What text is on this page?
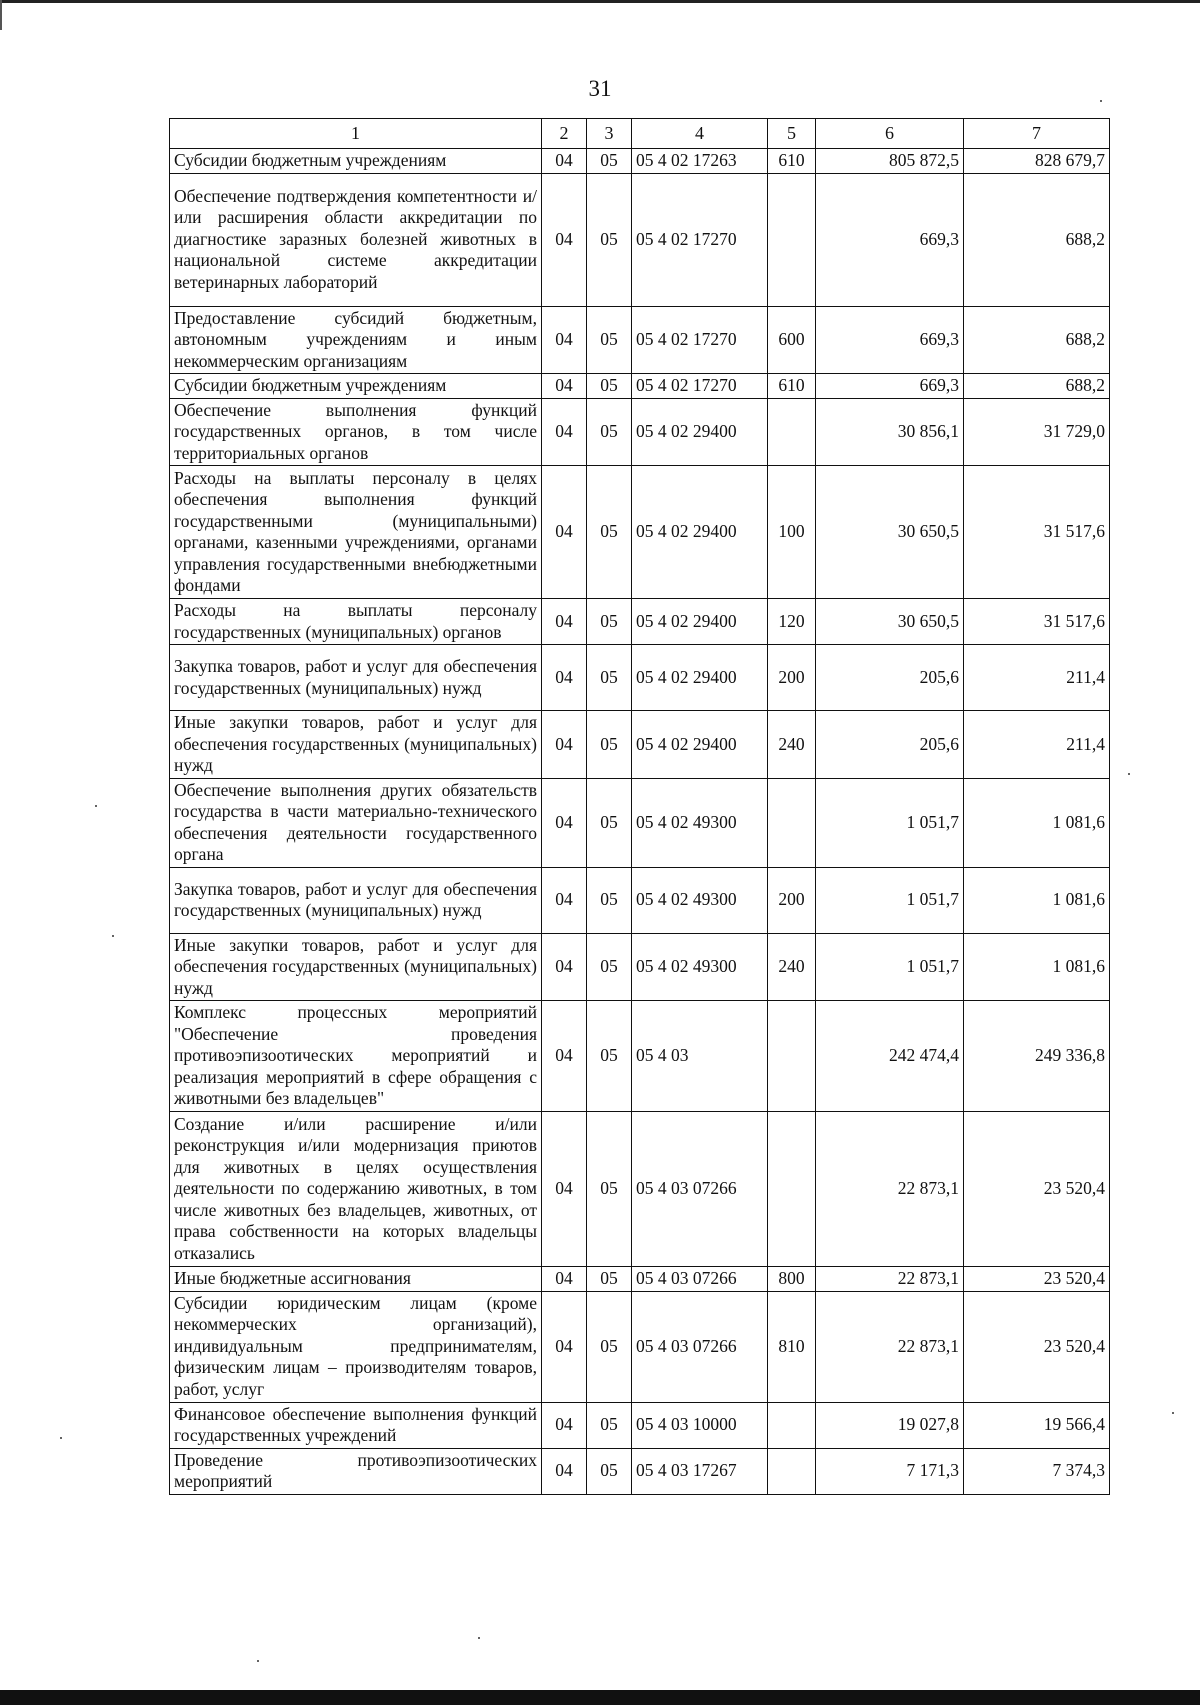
31
1	2	3	4	5	6	7
Субсидии бюджетным учреждениям	04	05	05 4 02 17263	610	805 872,5	828 679,7
Обеспечение подтверждения компетентности и/или расширения области аккредитации по диагностике заразных болезней животных в национальной системе аккредитации ветеринарных лабораторий	04	05	05 4 02 17270		669,3	688,2
Предоставление субсидий бюджетным, автономным учреждениям и иным некоммерческим организациям	04	05	05 4 02 17270	600	669,3	688,2
Субсидии бюджетным учреждениям	04	05	05 4 02 17270	610	669,3	688,2
Обеспечение выполнения функций государственных органов, в том числе территориальных органов	04	05	05 4 02 29400		30 856,1	31 729,0
Расходы на выплаты персоналу в целях обеспечения выполнения функций государственными (муниципальными) органами, казенными учреждениями, органами управления государственными внебюджетными фондами	04	05	05 4 02 29400	100	30 650,5	31 517,6
Расходы на выплаты персоналу государственных (муниципальных) органов	04	05	05 4 02 29400	120	30 650,5	31 517,6
Закупка товаров, работ и услуг для обеспечения государственных (муниципальных) нужд	04	05	05 4 02 29400	200	205,6	211,4
Иные закупки товаров, работ и услуг для обеспечения государственных (муниципальных) нужд	04	05	05 4 02 29400	240	205,6	211,4
Обеспечение выполнения других обязательств государства в части материально-технического обеспечения деятельности государственного органа	04	05	05 4 02 49300		1 051,7	1 081,6
Закупка товаров, работ и услуг для обеспечения государственных (муниципальных) нужд	04	05	05 4 02 49300	200	1 051,7	1 081,6
Иные закупки товаров, работ и услуг для обеспечения государственных (муниципальных) нужд	04	05	05 4 02 49300	240	1 051,7	1 081,6
Комплекс процессных мероприятий "Обеспечение проведения противоэпизоотических мероприятий и реализация мероприятий в сфере обращения с животными без владельцев"	04	05	05 4 03		242 474,4	249 336,8
Создание и/или расширение и/или реконструкция и/или модернизация приютов для животных в целях осуществления деятельности по содержанию животных, в том числе животных без владельцев, животных, от права собственности на которых владельцы отказались	04	05	05 4 03 07266		22 873,1	23 520,4
Иные бюджетные ассигнования	04	05	05 4 03 07266	800	22 873,1	23 520,4
Субсидии юридическим лицам (кроме некоммерческих организаций), индивидуальным предпринимателям, физическим лицам – производителям товаров, работ, услуг	04	05	05 4 03 07266	810	22 873,1	23 520,4
Финансовое обеспечение выполнения функций государственных учреждений	04	05	05 4 03 10000		19 027,8	19 566,4
Проведение противоэпизоотических мероприятий	04	05	05 4 03 17267		7 171,3	7 374,3
